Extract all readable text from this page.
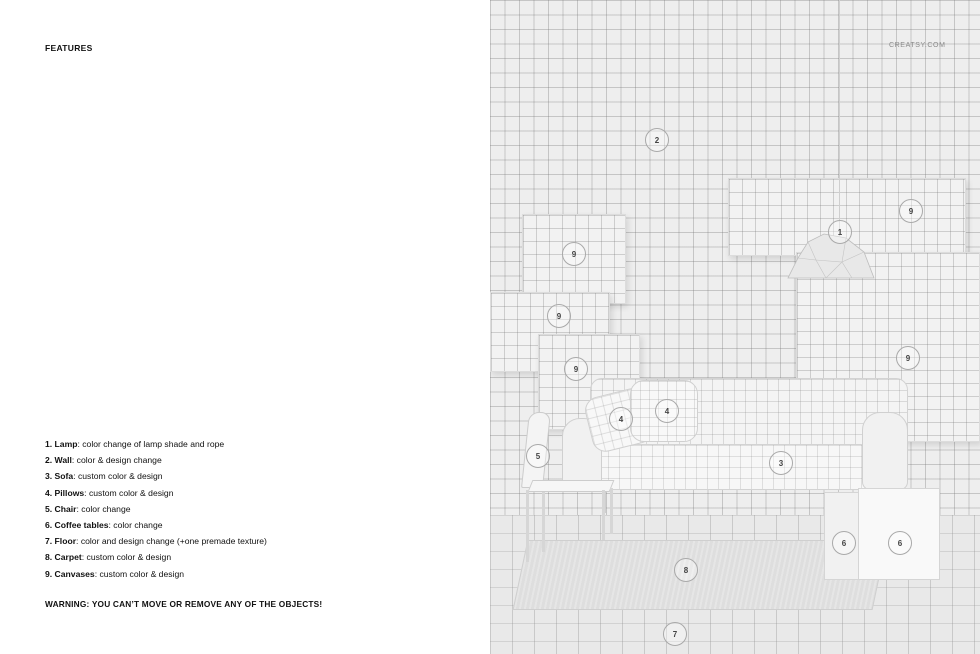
FEATURES
1. Lamp: color change of lamp shade and rope
2. Wall: color & design change
3. Sofa: custom color & design
4. Pillows: custom color & design
5. Chair: color change
6. Coffee tables: color change
7. Floor: color and design change (+one premade texture)
8. Carpet: custom color & design
9. Canvases: custom color & design
WARNING: YOU CAN’T MOVE OR REMOVE ANY OF THE OBJECTS!
CREATSY.COM
1
2
3
4
4
5
6	6
7
8
9
9
9
9
9
